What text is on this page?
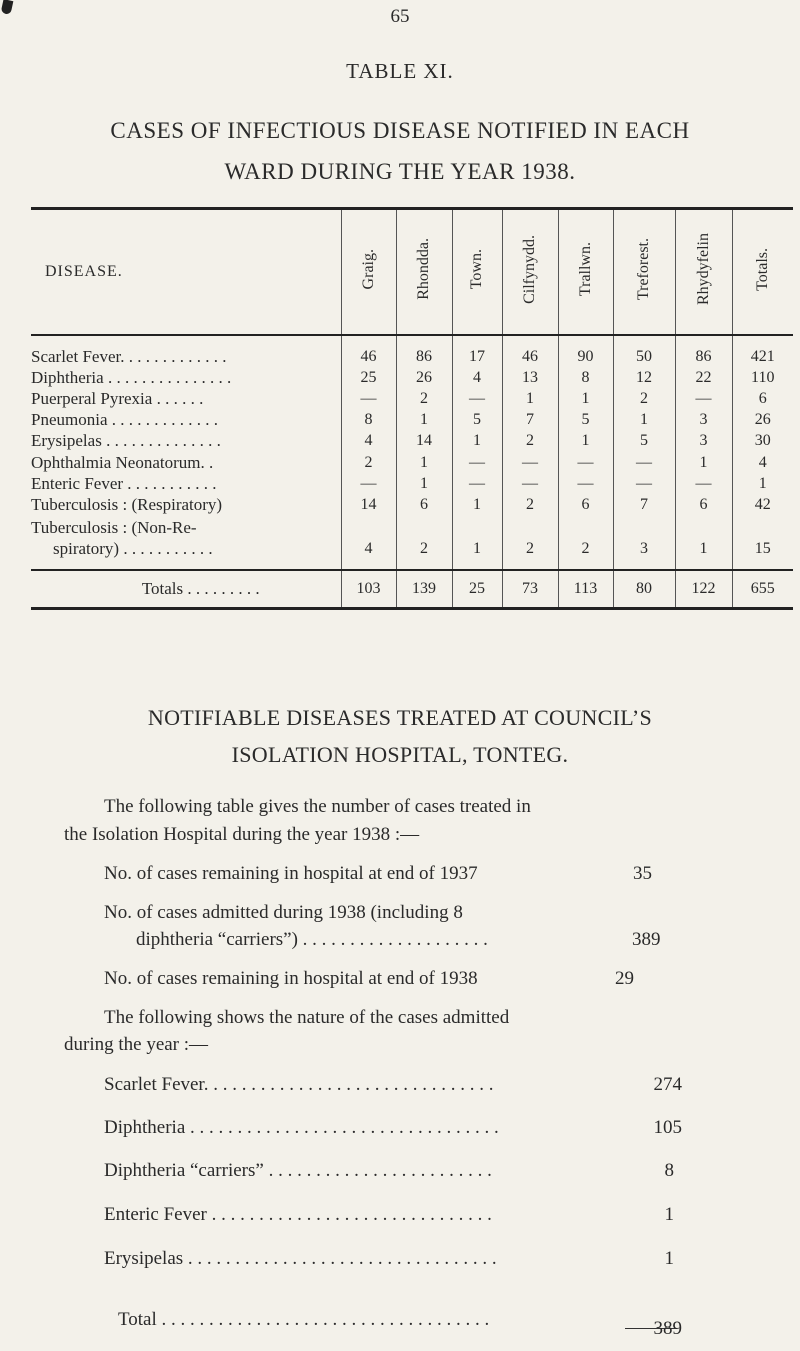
65
TABLE XI.
CASES OF INFECTIOUS DISEASE NOTIFIED IN EACH
WARD DURING THE YEAR 1938.
DISEASE.	Graig.	Rhondda.	Town.	Cilfynydd.	Trallwn.	Treforest.	Rhydyfelin	Totals.

Scarlet Fever. . . . . . . . . . . . .	46	86	17	46	90	50	86	421
Diphtheria . . . . . . . . . . . . . . .	25	26	4	13	8	12	22	110
Puerperal Pyrexia . . . . . .	—	2	—	1	1	2	—	6
Pneumonia . . . . . . . . . . . . .	8	1	5	7	5	1	3	26
Erysipelas . . . . . . . . . . . . . .	4	14	1	2	1	5	3	30
Ophthalmia Neonatorum. .	2	1	—	—	—	—	1	4
Enteric Fever . . . . . . . . . . .	—	1	—	—	—	—	—	1
Tuberculosis : (Respiratory)	14	6	1	2	6	7	6	42

Tuberculosis : (Non-Re-
spiratory) . . . . . . . . . . .	4	2	1	2	2	3	1	15

Totals . . . . . . . . .	103	139	25	73	113	80	122	655
NOTIFIABLE DISEASES TREATED AT COUNCIL’S
ISOLATION HOSPITAL, TONTEG.
The following table gives the number of cases treated in
the Isolation Hospital during the year 1938 :—
No. of cases remaining in hospital at end of 1937	35
No. of cases admitted during 1938 (including 8
diphtheria “carriers”) . . . . . . . . . . . . . . . . . . . .	389
No. of cases remaining in hospital at end of 1938	29
The following shows the nature of the cases admitted
during the year :—
Scarlet Fever. . . . . . . . . . . . . . . . . . . . . . . . . . . . . . .	274
Diphtheria . . . . . . . . . . . . . . . . . . . . . . . . . . . . . . . . .	105
Diphtheria “carriers” . . . . . . . . . . . . . . . . . . . . . . . .	8
Enteric Fever . . . . . . . . . . . . . . . . . . . . . . . . . . . . . .	1
Erysipelas . . . . . . . . . . . . . . . . . . . . . . . . . . . . . . . . .	1
Total . . . . . . . . . . . . . . . . . . . . . . . . . . . . . . . . . . .	389
